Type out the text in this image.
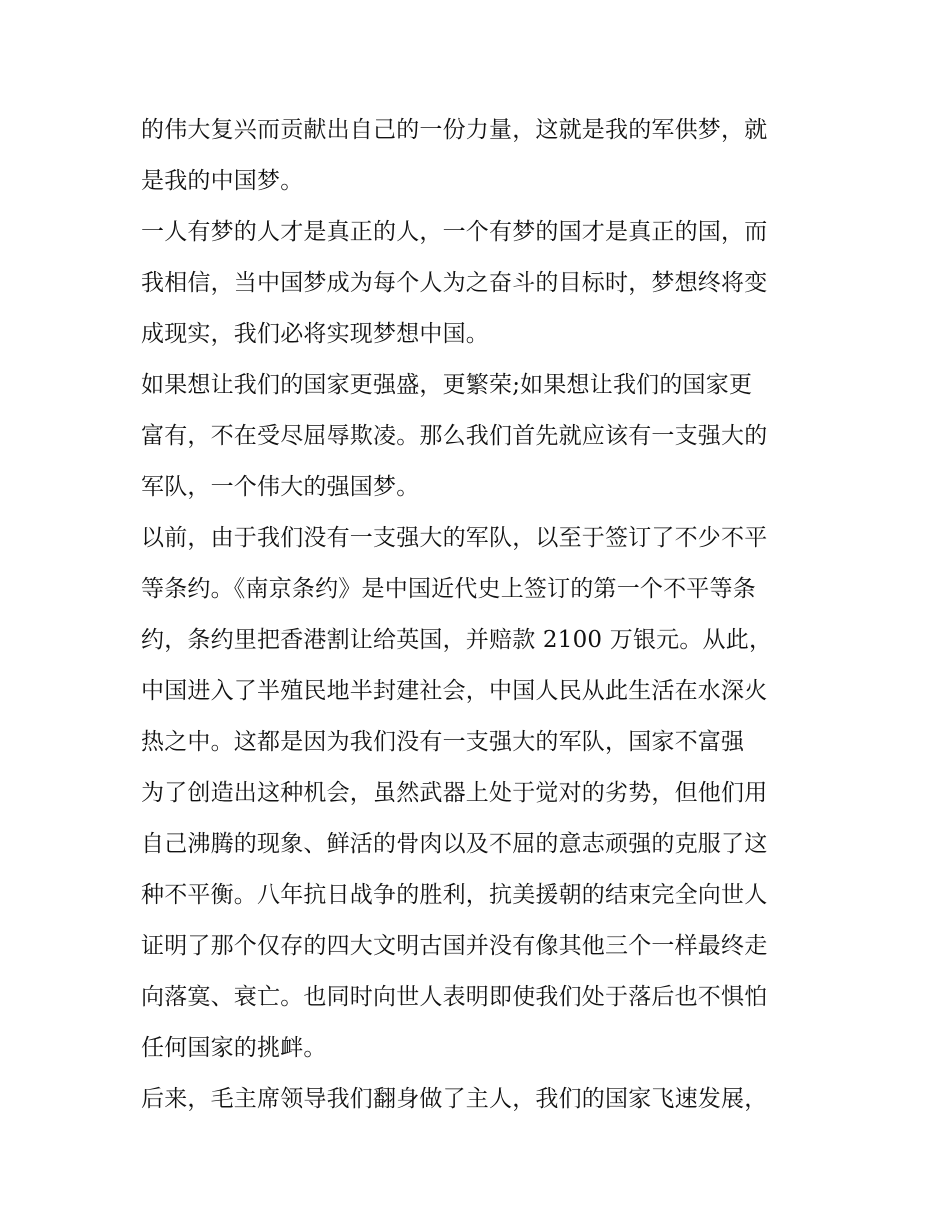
的伟大复兴而贡献出自己的一份力量，这就是我的军供梦，就
是我的中国梦。
一人有梦的人才是真正的人，一个有梦的国才是真正的国，而
我相信，当中国梦成为每个人为之奋斗的目标时，梦想终将变
成现实，我们必将实现梦想中国。
如果想让我们的国家更强盛，更繁荣;如果想让我们的国家更
富有，不在受尽屈辱欺凌。那么我们首先就应该有一支强大的
军队，一个伟大的强国梦。
以前，由于我们没有一支强大的军队，以至于签订了不少不平
等条约。《南京条约》是中国近代史上签订的第一个不平等条
约，条约里把香港割让给英国，并赔款 2100 万银元。从此，
中国进入了半殖民地半封建社会，中国人民从此生活在水深火
热之中。这都是因为我们没有一支强大的军队，国家不富强
为了创造出这种机会，虽然武器上处于觉对的劣势，但他们用
自己沸腾的现象、鲜活的骨肉以及不屈的意志顽强的克服了这
种不平衡。八年抗日战争的胜利，抗美援朝的结束完全向世人
证明了那个仅存的四大文明古国并没有像其他三个一样最终走
向落寞、衰亡。也同时向世人表明即使我们处于落后也不惧怕
任何国家的挑衅。
后来，毛主席领导我们翻身做了主人，我们的国家飞速发展，
